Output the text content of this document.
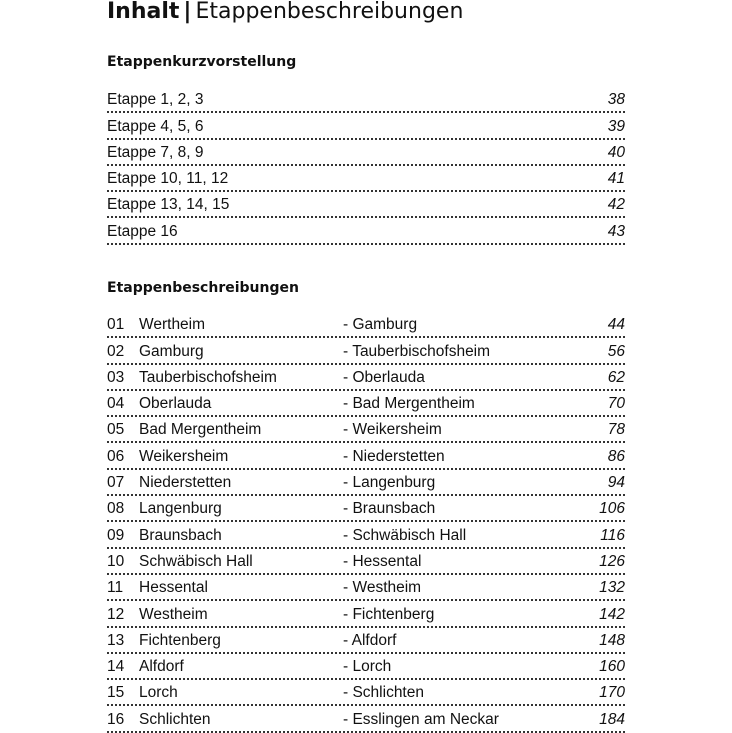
Inhalt | Etappenbeschreibungen
Etappenkurzvorstellung
Etappe 1, 2, 3	38
Etappe 4, 5, 6	39
Etappe 7, 8, 9	40
Etappe 10, 11, 12	41
Etappe 13, 14, 15	42
Etappe 16	43
Etappenbeschreibungen
01 Wertheim	- Gamburg	44
02 Gamburg	- Tauberbischofsheim	56
03 Tauberbischofsheim	- Oberlauda	62
04 Oberlauda	- Bad Mergentheim	70
05 Bad Mergentheim	- Weikersheim	78
06 Weikersheim	- Niederstetten	86
07 Niederstetten	- Langenburg	94
08 Langenburg	- Braunsbach	106
09 Braunsbach	- Schwäbisch Hall	116
10 Schwäbisch Hall	- Hessental	126
11 Hessental	- Westheim	132
12 Westheim	- Fichtenberg	142
13 Fichtenberg	- Alfdorf	148
14 Alfdorf	- Lorch	160
15 Lorch	- Schlichten	170
16 Schlichten	- Esslingen am Neckar	184
